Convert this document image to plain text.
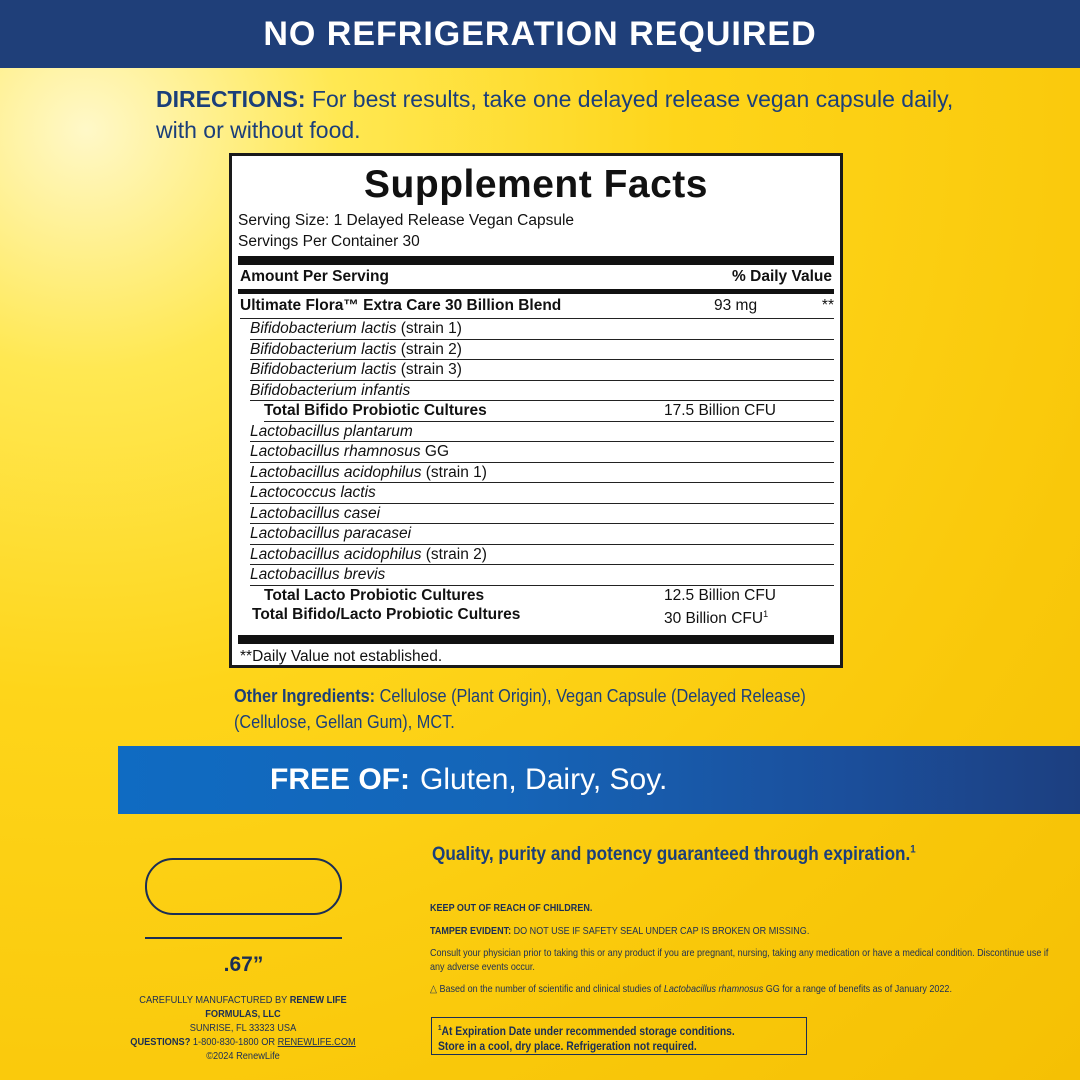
NO REFRIGERATION REQUIRED
DIRECTIONS: For best results, take one delayed release vegan capsule daily, with or without food.
Supplement Facts
Serving Size: 1 Delayed Release Vegan Capsule
Servings Per Container 30
Amount Per Serving	% Daily Value
Ultimate Flora™ Extra Care 30 Billion Blend	93 mg	**
Bifidobacterium lactis (strain 1)
Bifidobacterium lactis (strain 2)
Bifidobacterium lactis (strain 3)
Bifidobacterium infantis
Total Bifido Probiotic Cultures	17.5 Billion CFU
Lactobacillus plantarum
Lactobacillus rhamnosus GG
Lactobacillus acidophilus (strain 1)
Lactococcus lactis
Lactobacillus casei
Lactobacillus paracasei
Lactobacillus acidophilus (strain 2)
Lactobacillus brevis
Total Lacto Probiotic Cultures	12.5 Billion CFU
Total Bifido/Lacto Probiotic Cultures	30 Billion CFU$^1$
**Daily Value not established.
Other Ingredients: Cellulose (Plant Origin), Vegan Capsule (Delayed Release) (Cellulose, Gellan Gum), MCT.
FREE OF: Gluten, Dairy, Soy.
.67”
CAREFULLY MANUFACTURED BY RENEW LIFE FORMULAS, LLC
SUNRISE, FL 33323 USA
QUESTIONS? 1-800-830-1800 OR RENEWLIFE.COM
©2024 RenewLife
Quality, purity and potency guaranteed through expiration.$^1$

KEEP OUT OF REACH OF CHILDREN.

TAMPER EVIDENT: DO NOT USE IF SAFETY SEAL UNDER CAP IS BROKEN OR MISSING.

Consult your physician prior to taking this or any product if you are pregnant, nursing, taking any medication or have a medical condition. Discontinue use if any adverse events occur.

△ Based on the number of scientific and clinical studies of Lactobacillus rhamnosus GG for a range of benefits as of January 2022.

$^1$At Expiration Date under recommended storage conditions.
Store in a cool, dry place. Refrigeration not required.
